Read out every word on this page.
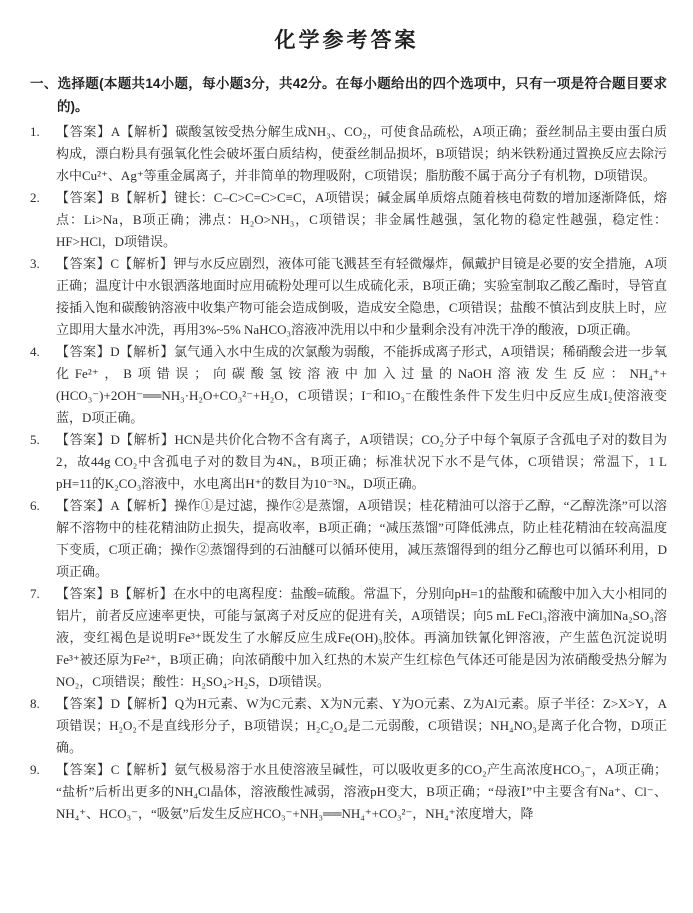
化学参考答案

一、选择题(本题共14小题，每小题3分，共42分。在每小题给出的四个选项中，只有一项是符合题目要求的)。

1.	【答案】A【解析】碳酸氢铵受热分解生成NH₃、CO₂，可使食品疏松，A项正确；蚕丝制品主要由蛋白质构成，漂白粉具有强氧化性会破坏蛋白质结构，使蚕丝制品损坏，B项错误；纳米铁粉通过置换反应去除污水中Cu²⁺、Ag⁺等重金属离子，并非简单的物理吸附，C项错误；脂肪酸不属于高分子有机物，D项错误。
2.	【答案】B【解析】键长：C–C>C=C>C≡C，A项错误；碱金属单质熔点随着核电荷数的增加逐渐降低，熔点：Li>Na，B项正确；沸点：H₂O>NH₃，C项错误；非金属性越强，氢化物的稳定性越强，稳定性：HF>HCl，D项错误。
3.	【答案】C【解析】钾与水反应剧烈，液体可能飞溅甚至有轻微爆炸，佩戴护目镜是必要的安全措施，A项正确；温度计中水银洒落地面时应用硫粉处理可以生成硫化汞，B项正确；实验室制取乙酸乙酯时，导管直接插入饱和碳酸钠溶液中收集产物可能会造成倒吸，造成安全隐患，C项错误；盐酸不慎沾到皮肤上时，应立即用大量水冲洗，再用3%~5% NaHCO₃溶液冲洗用以中和少量剩余没有冲洗干净的酸液，D项正确。
4.	【答案】D【解析】氯气通入水中生成的次氯酸为弱酸，不能拆成离子形式，A项错误；稀硝酸会进一步氧化Fe²⁺，B项错误；向碳酸氢铵溶液中加入过量的NaOH溶液发生反应：NH₄⁺+(HCO₃⁻)+2OH⁻══NH₃·H₂O+CO₃²⁻+H₂O，C项错误；I⁻和IO₃⁻在酸性条件下发生归中反应生成I₂使溶液变蓝，D项正确。
5.	【答案】D【解析】HCN是共价化合物不含有离子，A项错误；CO₂分子中每个氧原子含孤电子对的数目为2，故44g CO₂中含孤电子对的数目为4Nₐ，B项正确；标准状况下水不是气体，C项错误；常温下，1 L pH=11的K₂CO₃溶液中，水电离出H⁺的数目为10⁻³Nₐ，D项正确。
6.	【答案】A【解析】操作①是过滤，操作②是蒸馏，A项错误；桂花精油可以溶于乙醇，“乙醇洗涤”可以溶解不溶物中的桂花精油防止损失，提高收率，B项正确；“减压蒸馏”可降低沸点，防止桂花精油在较高温度下变质，C项正确；操作②蒸馏得到的石油醚可以循环使用，减压蒸馏得到的组分乙醇也可以循环利用，D项正确。
7.	【答案】B【解析】在水中的电离程度：盐酸=硫酸。常温下，分别向pH=1的盐酸和硫酸中加入大小相同的铝片，前者反应速率更快，可能与氯离子对反应的促进有关，A项错误；向5 mL FeCl₃溶液中滴加Na₂SO₃溶液，变红褐色是说明Fe³⁺既发生了水解反应生成Fe(OH)₃胶体。再滴加铁氰化钾溶液，产生蓝色沉淀说明Fe³⁺被还原为Fe²⁺，B项正确；向浓硝酸中加入红热的木炭产生红棕色气体还可能是因为浓硝酸受热分解为NO₂，C项错误；酸性：H₂SO₄>H₂S，D项错误。
8.	【答案】D【解析】Q为H元素、W为C元素、X为N元素、Y为O元素、Z为Al元素。原子半径：Z>X>Y，A项错误；H₂O₂不是直线形分子，B项错误；H₂C₂O₄是二元弱酸，C项错误；NH₄NO₃是离子化合物，D项正确。
9.	【答案】C【解析】氨气极易溶于水且使溶液呈碱性，可以吸收更多的CO₂产生高浓度HCO₃⁻，A项正确；“盐析”后析出更多的NH₄Cl晶体，溶液酸性减弱，溶液pH变大，B项正确；“母液Ⅰ”中主要含有Na⁺、Cl⁻、NH₄⁺、HCO₃⁻，“吸氨”后发生反应HCO₃⁻+NH₃══NH₄⁺+CO₃²⁻，NH₄⁺浓度增大，降
